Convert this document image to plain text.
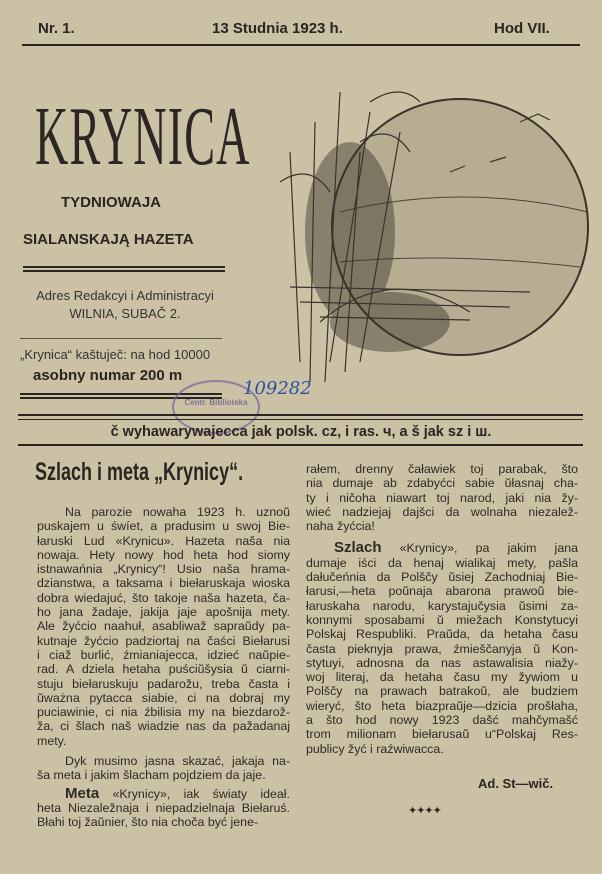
Nr. 1.	13 Studnia 1923 h.	Hod VII.
KRYNICA
TYDNIOWAJA
SIALANSKAJĄ HAZETA
Adres Redakcyi i Administracyi
WILNIA, SUBAČ 2.
„Krynica“ kaštuječ: na hod 10000
asobny numar 200 m
Centr. Biblioteka
109282
č wyhawarywajecca jak polsk. cz, i ras. ч, a š jak sz i ш.
Szlach i meta „Krynicy“.
Na parozie nowaha 1923 h. uznoŭ
puskajem u śwíet, a pradusim u swoj Bie-
łaruski Lud «Krynicu». Hazeta naša nia
nowaja. Hety nowy hod heta hod siomy
istnawańnia „Krynicy“! Usio naša hrama-
dzianstwa, a taksama i biełaruskaja wioska
dobra wiedajuć, što takoje naša hazeta, ča-
ho jana žadaje, jakija jaje apošnija mety.
Ale žyćcio naahuł, asabliwaž sapraŭdy pa-
kutnaje žyćcio padziortaj na čaści Biełarusi
i ciaž burlić, źmianiajecca, idzieć naŭpie-
rad. A dziela hetaha puściŭšysia ŭ ciarni-
stuju biełaruskuju padarožu, treba časta i
ŭważna pytacca siabie, ci na dobraj my
puciawinie, ci nia źbilisia my na biezdarož-
ža, ci šlach naš wiadzie nas da pažadanaj
mety.
Dyk musimo jasna skazać, jakaja na-
ša meta i jakim šlacham pojdziem da jaje.
Meta «Krynicy», iak światy ideał.
heta Niezaležnaja i niepadzielnaja Biełaruś.
Błahi toj žaŭnier, što nia choča być jene-
rałem, drenny čaławiek toj parabak, što
nia dumaje ab zdabyćci sabie ŭłasnaj cha-
ty i ničoha niawart toj narod, jaki nia žy-
wieć nadziejaj dajšci da wolnaha niezalež-
naha žyćcia!
Szlach «Krynicy», pa jakim jana
dumaje iści da henaj wialikaj mety, pašla
dałučeńnia da Polščy ŭsiej Zachodniaj Bie-
łarusi,—heta poŭnaja abarona prawoŭ bie-
łaruskaha narodu, karystajučysia ŭsimi za-
konnymi sposabami ŭ miežach Konstytucyi
Polskaj Respubliki. Praŭda, da hetaha času
časta pieknyja prawa, źmieščanyja ŭ Kon-
stytuyi, adnosna da nas astawalisia niažy-
woj literaj, da hetaha času my žywiom u
Polščy na prawach batrakoŭ, ale budziem
wieryć, što heta biazpraŭje—dzicia prošłaha,
a što hod nowy 1923 dašć mahčymašć
trom milionam biełarusaŭ u“Polskaj Res-
publicy žyć i raźwiwacca.
Ad. St—wič.
✦✦✦✦
